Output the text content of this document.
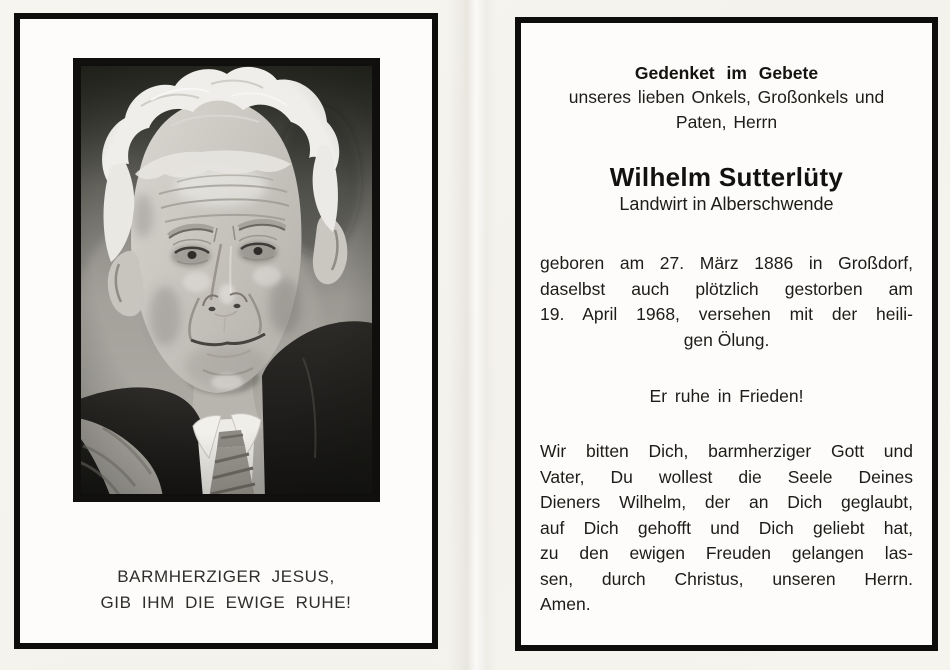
BARMHERZIGER JESUS,
GIB IHM DIE EWIGE RUHE!
Gedenket im Gebete
unseres lieben Onkels, Großonkels und
Paten, Herrn
Wilhelm Sutterlüty
Landwirt in Alberschwende
geboren am 27. März 1886 in Großdorf,
daselbst auch plötzlich gestorben am
19. April 1968, versehen mit der heili-
gen Ölung.
Er ruhe in Frieden!
Wir bitten Dich, barmherziger Gott und
Vater, Du wollest die Seele Deines
Dieners Wilhelm, der an Dich geglaubt,
auf Dich gehofft und Dich geliebt hat,
zu den ewigen Freuden gelangen las-
sen, durch Christus, unseren Herrn.
Amen.
